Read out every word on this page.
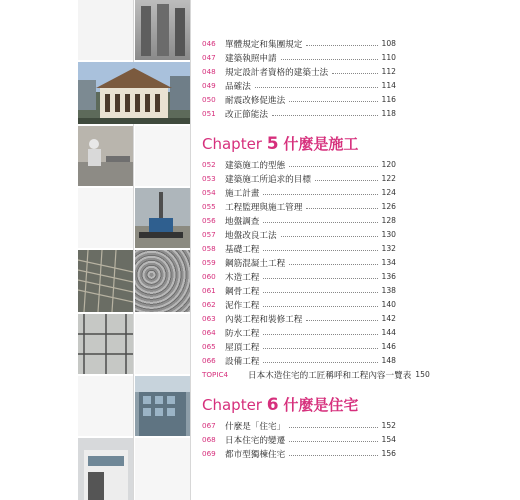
046	單體規定和集團規定	108
047	建築執照申請	110
048	規定設計者資格的建築士法	112
049	品確法	114
050	耐震改修促進法	116
051	改正節能法	118
Chapter 5 什麼是施工
052	建築施工的型態	120
053	建築施工所追求的目標	122
054	施工計畫	124
055	工程監理與施工管理	126
056	地盤調查	128
057	地盤改良工法	130
058	基礎工程	132
059	鋼筋混凝土工程	134
060	木造工程	136
061	鋼骨工程	138
062	泥作工程	140
063	內裝工程和裝修工程	142
064	防水工程	144
065	屋頂工程	146
066	設備工程	148
TOPIC4	日本木造住宅的工匠稱呼和工程內容一覽表 150
Chapter 6 什麼是住宅
067	什麼是「住宅」	152
068	日本住宅的變遷	154
069	都市型獨棟住宅	156
